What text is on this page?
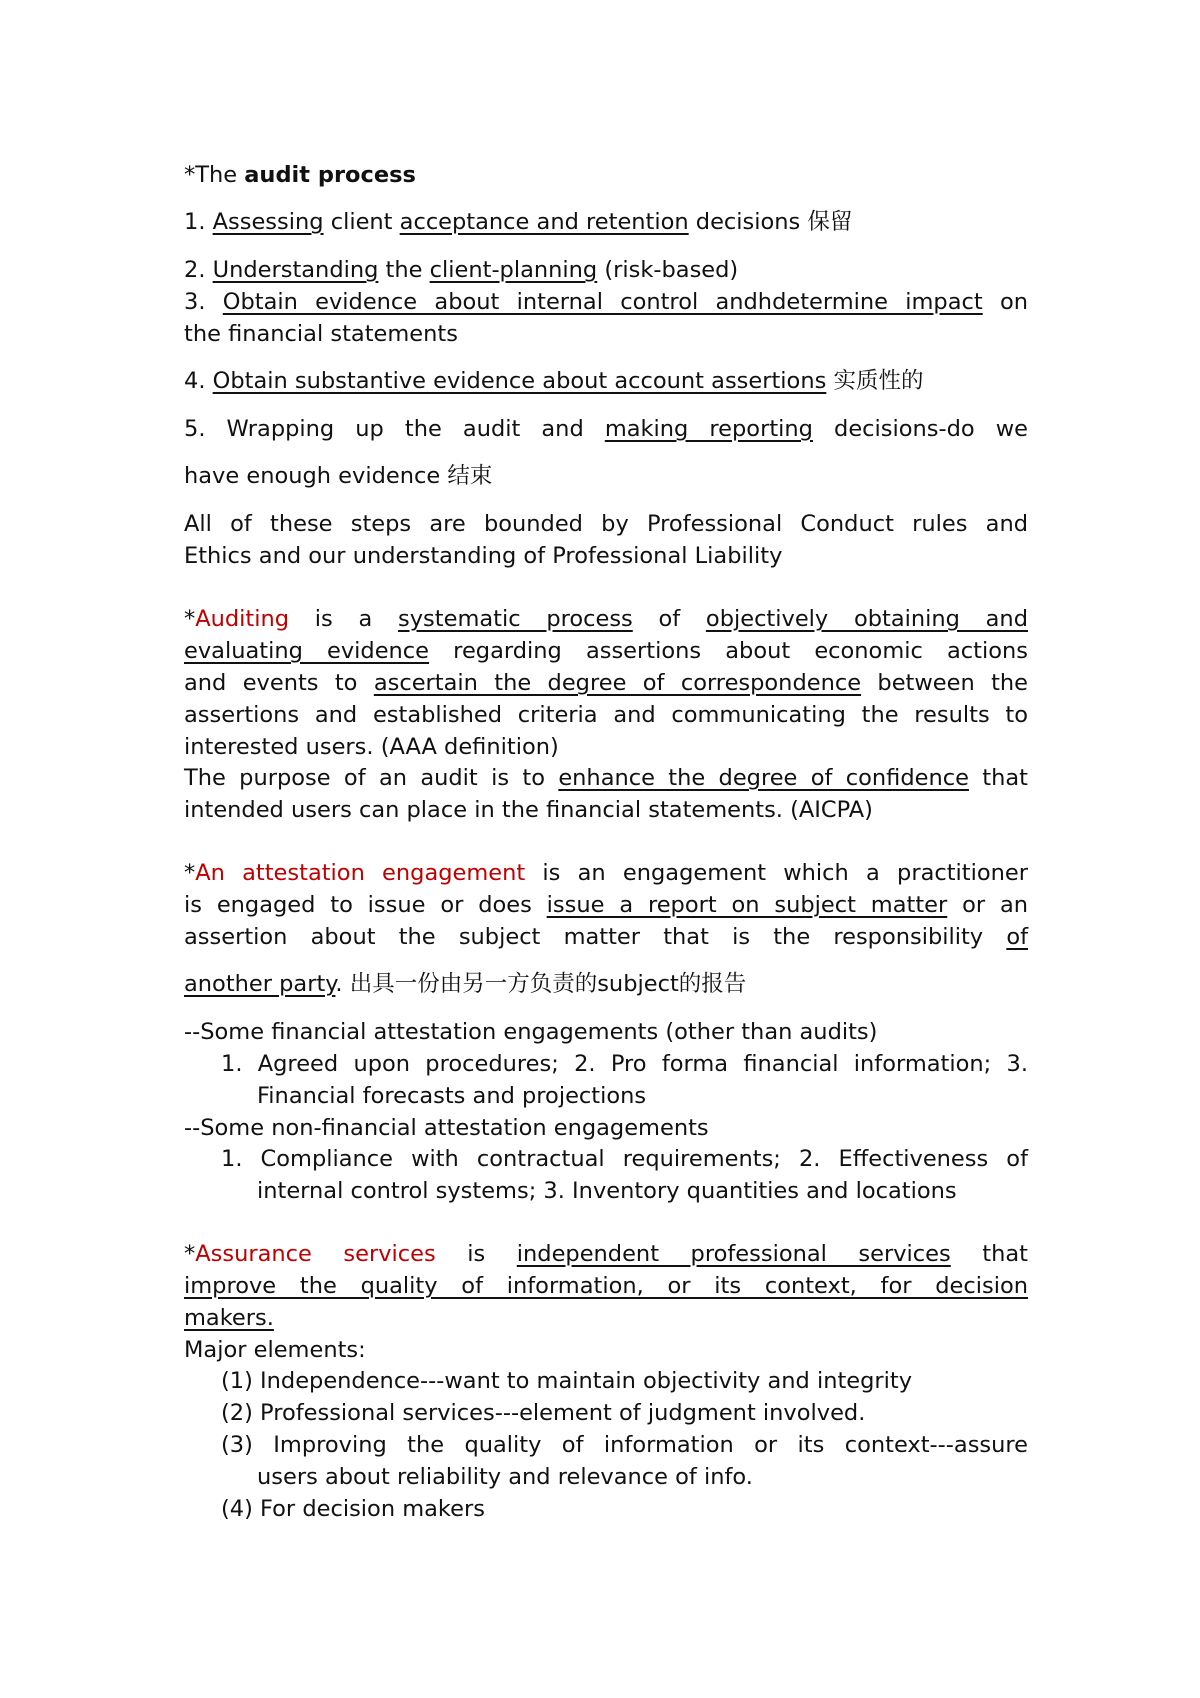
*The audit process
1. Assessing client acceptance and retention decisions 保留
2. Understanding the client-planning (risk-based)
3. Obtain evidence about internal control andhdetermine impact on
the financial statements
4. Obtain substantive evidence about account assertions 实质性的
5. Wrapping up the audit and making reporting decisions-do we
have enough evidence 结束
All of these steps are bounded by Professional Conduct rules and
Ethics and our understanding of Professional Liability
*Auditing is a systematic process of objectively obtaining and
evaluating evidence regarding assertions about economic actions
and events to ascertain the degree of correspondence between the
assertions and established criteria and communicating the results to
interested users. (AAA definition)
The purpose of an audit is to enhance the degree of confidence that
intended users can place in the financial statements. (AICPA)
*An attestation engagement is an engagement which a practitioner
is engaged to issue or does issue a report on subject matter or an
assertion about the subject matter that is the responsibility of
another party. 出具一份由另一方负责的subject的报告
--Some financial attestation engagements (other than audits)
1. Agreed upon procedures; 2. Pro forma financial information; 3.
Financial forecasts and projections
--Some non-financial attestation engagements
1. Compliance with contractual requirements; 2. Effectiveness of
internal control systems; 3. Inventory quantities and locations
*Assurance services is independent professional services that
improve the quality of information, or its context, for decision
makers.
Major elements:
(1) Independence---want to maintain objectivity and integrity
(2) Professional services---element of judgment involved.
(3) Improving the quality of information or its context---assure
users about reliability and relevance of info.
(4) For decision makers
